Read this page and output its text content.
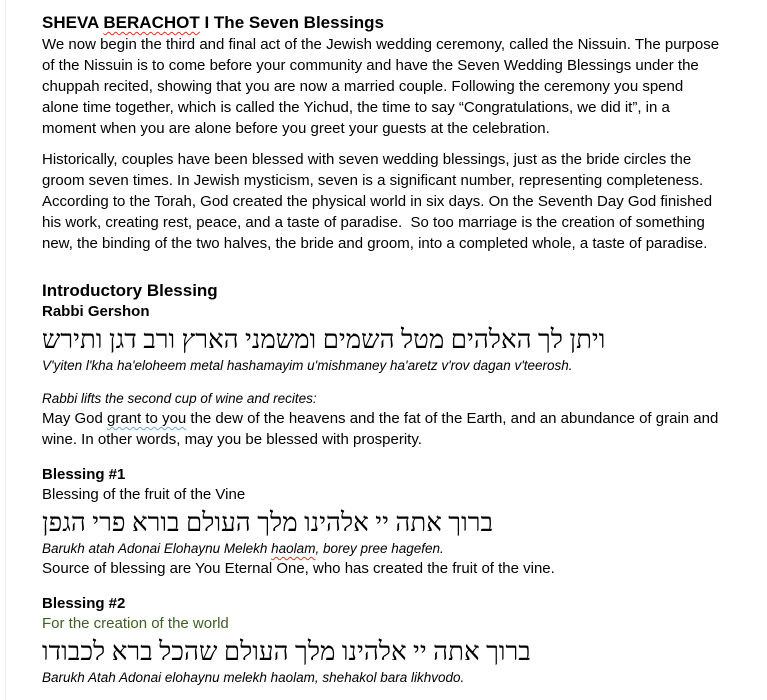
SHEVA BERACHOT I The Seven Blessings

We now begin the third and final act of the Jewish wedding ceremony, called the Nissuin. The purpose of the Nissuin is to come before your community and have the Seven Wedding Blessings under the chuppah recited, showing that you are now a married couple. Following the ceremony you spend alone time together, which is called the Yichud, the time to say “Congratulations, we did it”, in a moment when you are alone before you greet your guests at the celebration.

Historically, couples have been blessed with seven wedding blessings, just as the bride circles the groom seven times. In Jewish mysticism, seven is a significant number, representing completeness. According to the Torah, God created the physical world in six days. On the Seventh Day God finished his work, creating rest, peace, and a taste of paradise.  So too marriage is the creation of something new, the binding of the two halves, the bride and groom, into a completed whole, a taste of paradise.

Introductory Blessing
Rabbi Gershon
ויתן לך האלהים מטל השמים ומשמני הארץ ורב דגן ותירש
V'yiten l'kha ha'eloheem metal hashamayim u'mishmaney ha'aretz v'rov dagan v'teerosh.
Rabbi lifts the second cup of wine and recites:

May God grant to you the dew of the heavens and the fat of the Earth, and an abundance of grain and wine. In other words, may you be blessed with prosperity.

Blessing #1
Blessing of the fruit of the Vine
ברוך אתה יי אלהינו מלך העולם בורא פרי הגפן
Barukh atah Adonai Elohaynu Melekh haolam, borey pree hagefen.

Source of blessing are You Eternal One, who has created the fruit of the vine.

Blessing #2
For the creation of the world
ברוך אתה יי אלהינו מלך העולם שהכל ברא לכבודו
Barukh Atah Adonai elohaynu melekh haolam, shehakol bara likhvodo.
